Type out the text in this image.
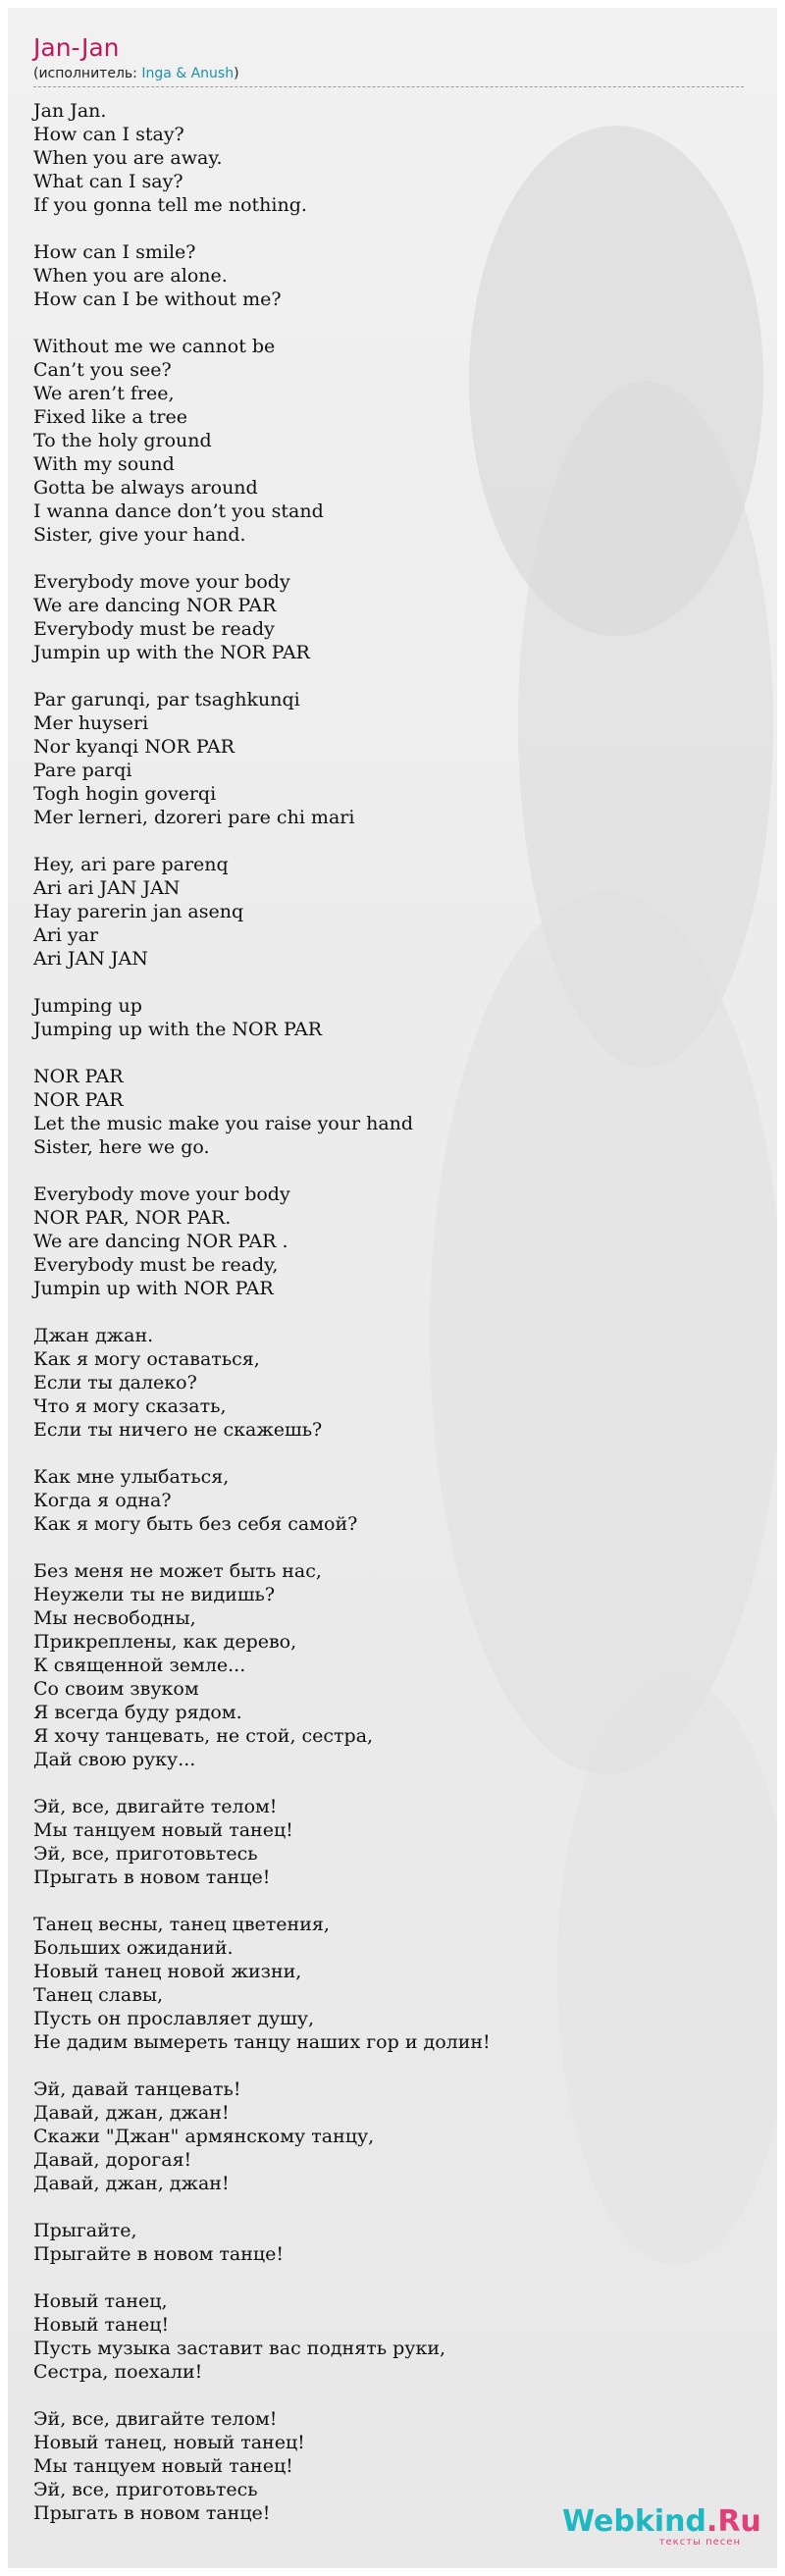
Jan-Jan
(исполнитель: Inga & Anush)
Jan Jan.
How can I stay?
When you are away.
What can I say?
If you gonna tell me nothing.
How can I smile?
When you are alone.
How can I be without me?
Without me we cannot be
Can’t you see?
We aren’t free,
Fixed like a tree
To the holy ground
With my sound
Gotta be always around
I wanna dance don’t you stand
Sister, give your hand.
Everybody move your body
We are dancing NOR PAR
Everybody must be ready
Jumpin up with the NOR PAR
Par garunqi, par tsaghkunqi
Mer huyseri
Nor kyanqi NOR PAR
Pare parqi
Togh hogin goverqi
Mer lerneri, dzoreri pare chi mari
Hey, ari pare parenq
Ari ari JAN JAN
Hay parerin jan asenq
Ari yar
Ari JAN JAN
Jumping up
Jumping up with the NOR PAR
NOR PAR
NOR PAR
Let the music make you raise your hand
Sister, here we go.
Everybody move your body
NOR PAR, NOR PAR.
We are dancing NOR PAR .
Everybody must be ready,
Jumpin up with NOR PAR
Джан джан.
Как я могу оставаться,
Если ты далеко?
Что я могу сказать,
Если ты ничего не скажешь?
Как мне улыбаться,
Когда я одна?
Как я могу быть без себя самой?
Без меня не может быть нас,
Неужели ты не видишь?
Мы несвободны,
Прикреплены, как дерево,
К священной земле...
Со своим звуком
Я всегда буду рядом.
Я хочу танцевать, не стой, сестра,
Дай свою руку...
Эй, все, двигайте телом!
Мы танцуем новый танец!
Эй, все, приготовьтесь
Прыгать в новом танце!
Танец весны, танец цветения,
Больших ожиданий.
Новый танец новой жизни,
Танец славы,
Пусть он прославляет душу,
Не дадим вымереть танцу наших гор и долин!
Эй, давай танцевать!
Давай, джан, джан!
Скажи "Джан" армянскому танцу,
Давай, дорогая!
Давай, джан, джан!
Прыгайте,
Прыгайте в новом танце!
Новый танец,
Новый танец!
Пусть музыка заставит вас поднять руки,
Сестра, поехали!
Эй, все, двигайте телом!
Новый танец, новый танец!
Мы танцуем новый танец!
Эй, все, приготовьтесь
Прыгать в новом танце!	Webkind.Ru
тексты песен
